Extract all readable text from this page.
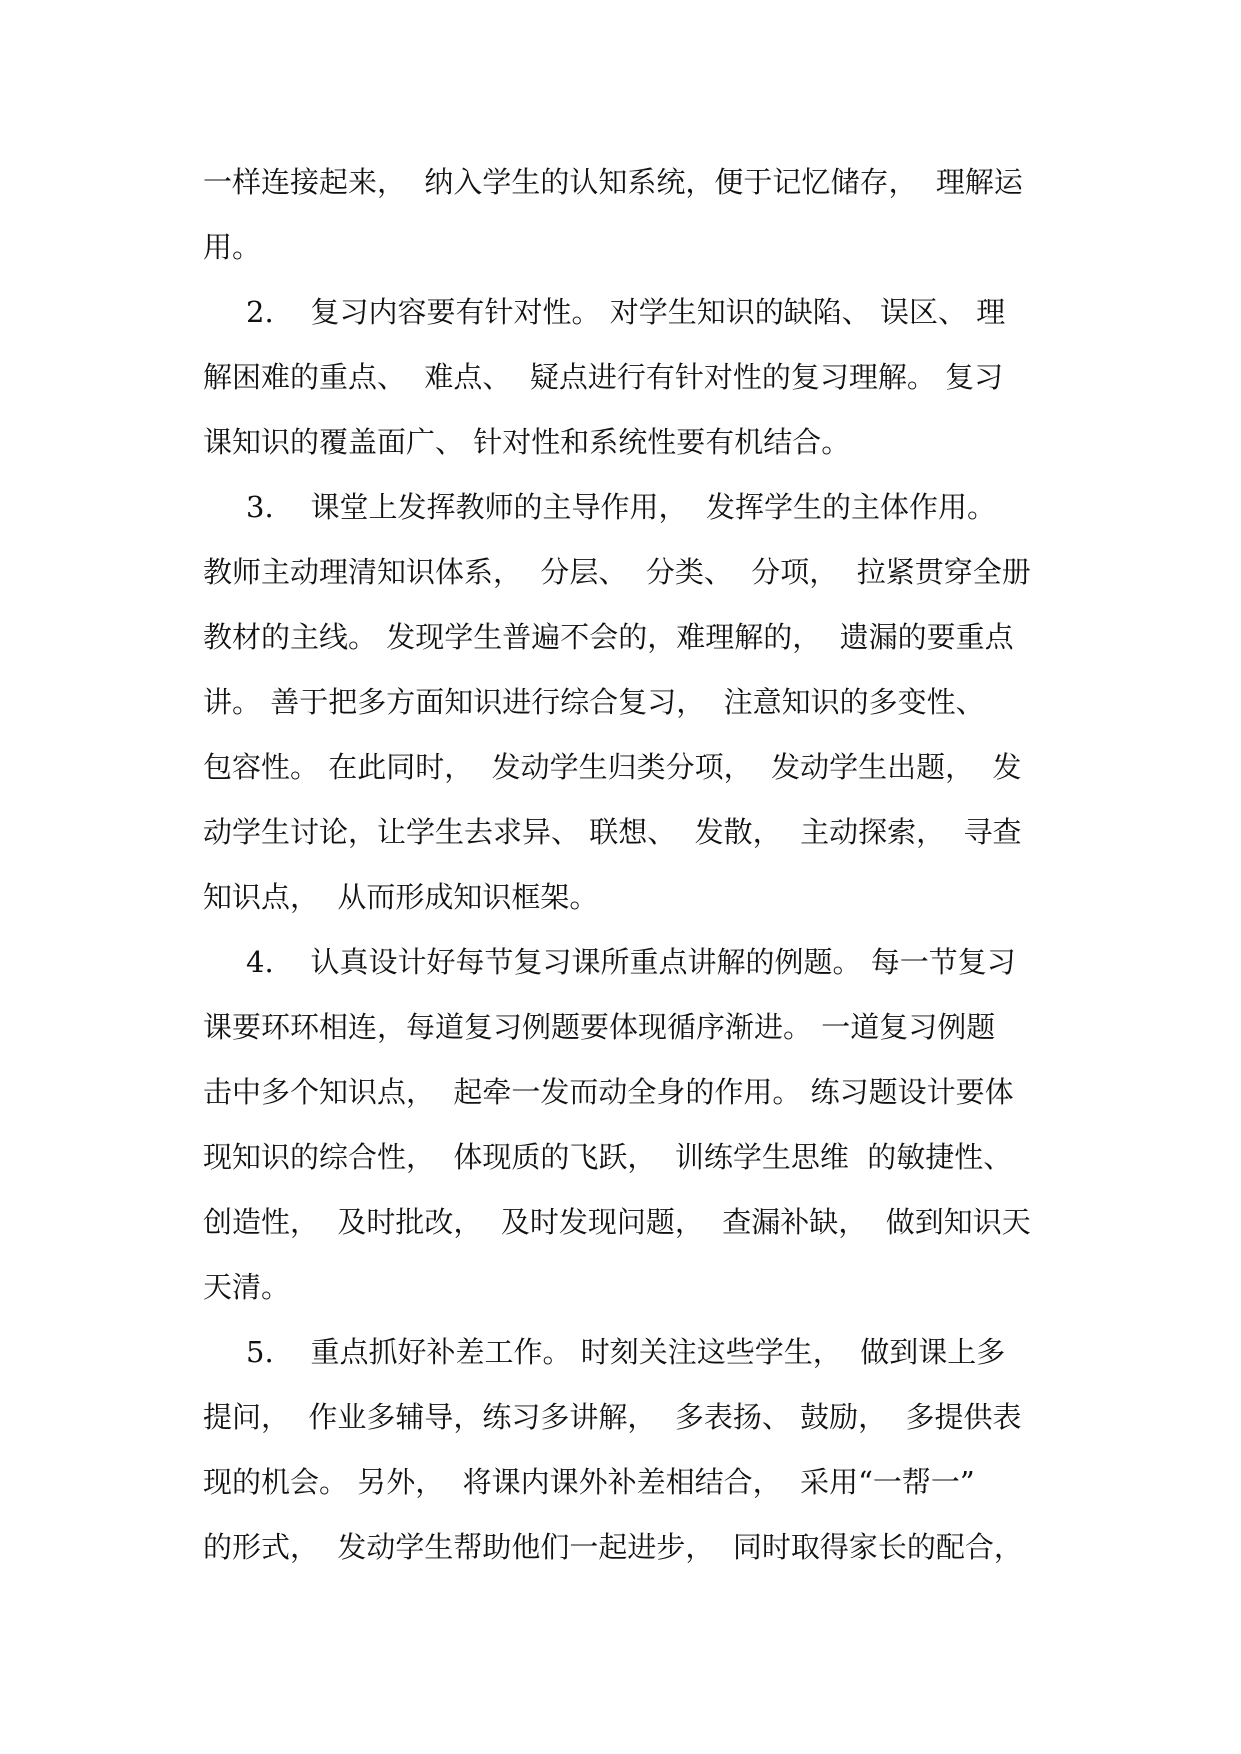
一样连接起来，  纳入学生的认知系统，便于记忆储存，  理解运
用。
2.    复习内容要有针对性。 对学生知识的缺陷、 误区、 理
解困难的重点、  难点、  疑点进行有针对性的复习理解。 复习
课知识的覆盖面广、 针对性和系统性要有机结合。
3.    课堂上发挥教师的主导作用，  发挥学生的主体作用。
教师主动理清知识体系，  分层、  分类、  分项，  拉紧贯穿全册
教材的主线。 发现学生普遍不会的，难理解的，  遗漏的要重点
讲。 善于把多方面知识进行综合复习，  注意知识的多变性、
包容性。 在此同时，  发动学生归类分项，  发动学生出题，  发
动学生讨论，让学生去求异、 联想、  发散，  主动探索，  寻查
知识点，  从而形成知识框架。
4.    认真设计好每节复习课所重点讲解的例题。 每一节复习
课要环环相连，每道复习例题要体现循序渐进。 一道复习例题
击中多个知识点，  起牵一发而动全身的作用。 练习题设计要体
现知识的综合性，  体现质的飞跃，  训练学生思维  的敏捷性、
创造性，  及时批改，  及时发现问题，  查漏补缺，  做到知识天
天清。
5.    重点抓好补差工作。 时刻关注这些学生，  做到课上多
提问，  作业多辅导，练习多讲解，  多表扬、 鼓励，  多提供表
现的机会。 另外，  将课内课外补差相结合，  采用“一帮一”
的形式，  发动学生帮助他们一起进步，  同时取得家长的配合，
